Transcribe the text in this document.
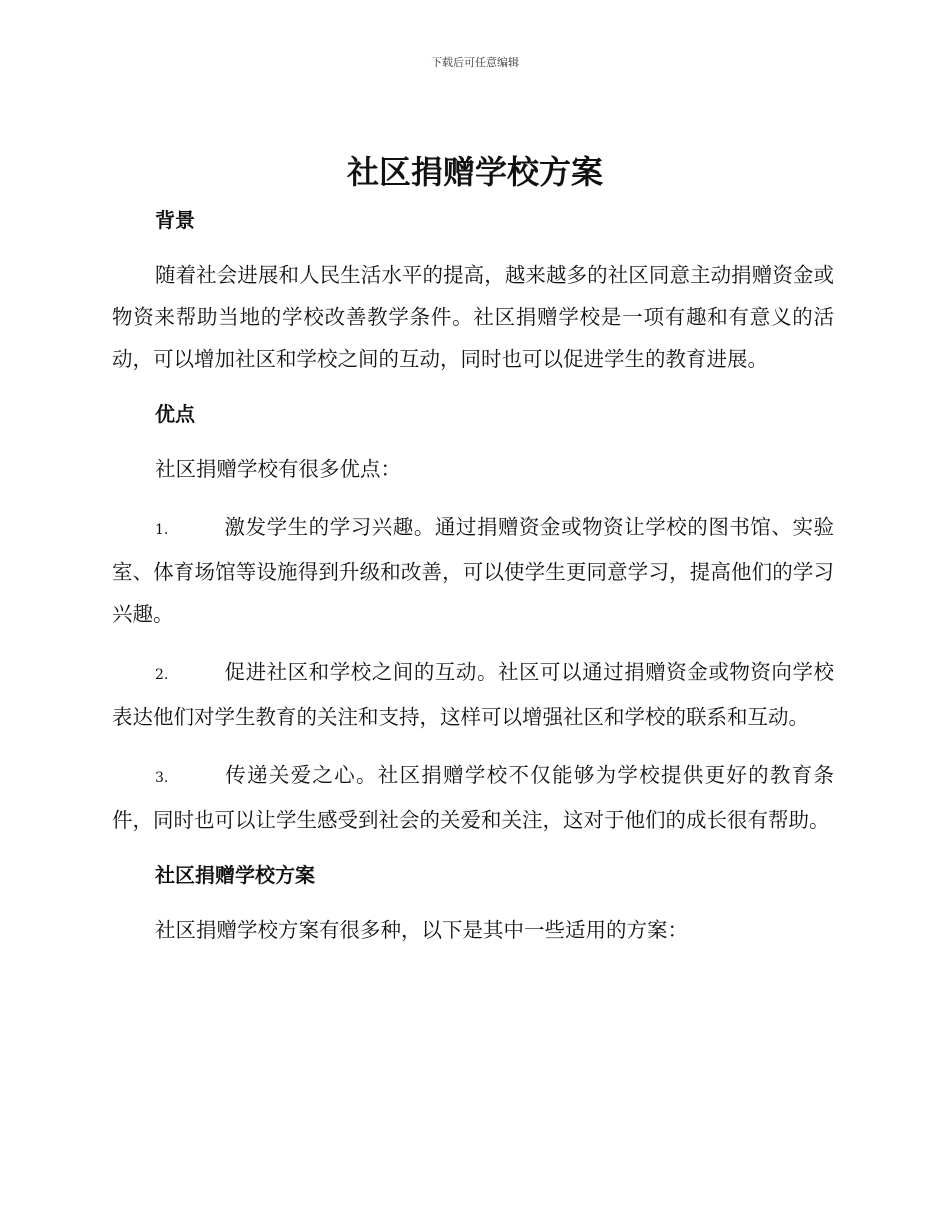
下载后可任意编辑
社区捐赠学校方案
背景

随着社会进展和人民生活水平的提高，越来越多的社区同意主动捐赠资金或物资来帮助当地的学校改善教学条件。社区捐赠学校是一项有趣和有意义的活动，可以增加社区和学校之间的互动，同时也可以促进学生的教育进展。

优点

社区捐赠学校有很多优点：

1.	激发学生的学习兴趣。通过捐赠资金或物资让学校的图书馆、实验室、体育场馆等设施得到升级和改善，可以使学生更同意学习，提高他们的学习兴趣。

2.	促进社区和学校之间的互动。社区可以通过捐赠资金或物资向学校表达他们对学生教育的关注和支持，这样可以增强社区和学校的联系和互动。

3.	传递关爱之心。社区捐赠学校不仅能够为学校提供更好的教育条件，同时也可以让学生感受到社会的关爱和关注，这对于他们的成长很有帮助。

社区捐赠学校方案

社区捐赠学校方案有很多种，以下是其中一些适用的方案：
